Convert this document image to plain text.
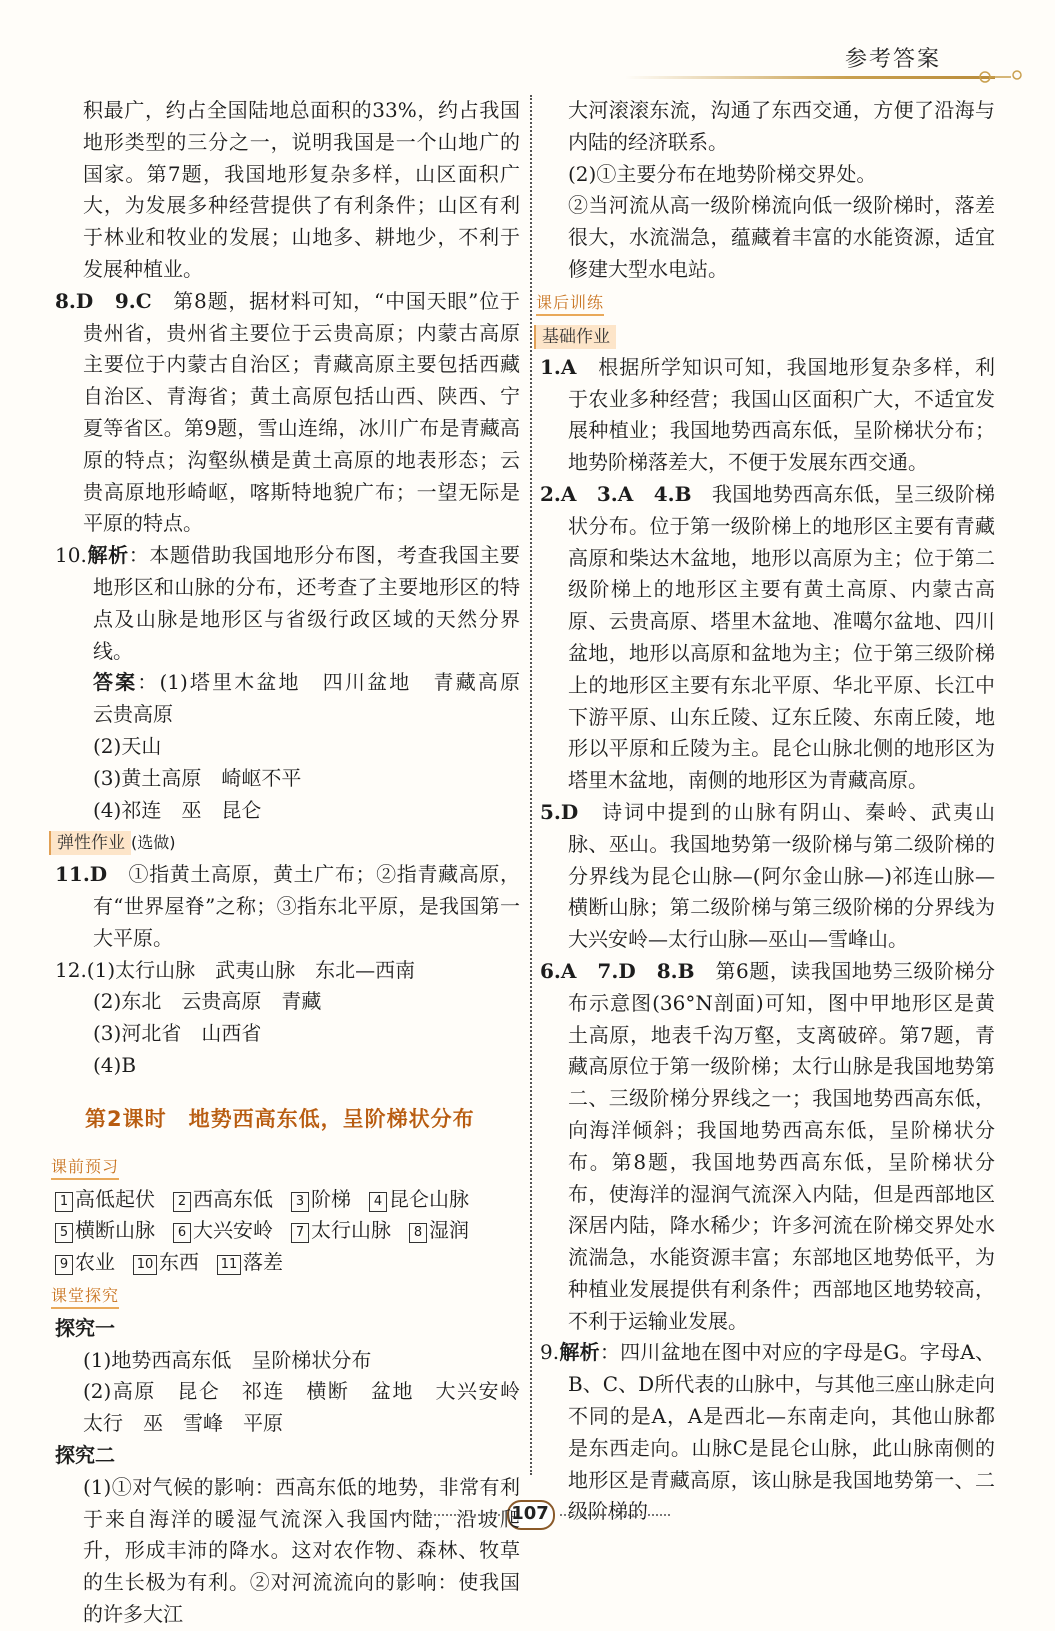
参考答案

积最广，约占全国陆地总面积的33%，约占我国地形类型的三分之一，说明我国是一个山地广的国家。第7题，我国地形复杂多样，山区面积广大，为发展多种经营提供了有利条件；山区有利于林业和牧业的发展；山地多、耕地少，不利于发展种植业。

8.D　 9.C　 第8题，据材料可知，“中国天眼”位于贵州省，贵州省主要位于云贵高原；内蒙古高原主要位于内蒙古自治区；青藏高原主要包括西藏自治区、青海省；黄土高原包括山西、陕西、宁夏等省区。第9题，雪山连绵，冰川广布是青藏高原的特点；沟壑纵横是黄土高原的地表形态；云贵高原地形崎岖，喀斯特地貌广布；一望无际是平原的特点。

10.解析：本题借助我国地形分布图，考查我国主要地形区和山脉的分布，还考查了主要地形区的特点及山脉是地形区与省级行政区域的天然分界线。

答案：(1)塔里木盆地　四川盆地　青藏高原　云贵高原

(2)天山

(3)黄土高原　崎岖不平

(4)祁连　巫　昆仑

弹性作业 (选做)

11.D　 ①指黄土高原，黄土广布；②指青藏高原，有“世界屋脊”之称；③指东北平原，是我国第一大平原。

12.(1)太行山脉　武夷山脉　东北—西南

(2)东北　云贵高原　青藏

(3)河北省　山西省

(4)B

第2课时　地势西高东低，呈阶梯状分布

课前预习

1 高低起伏 2 西高东低 3 阶梯 4 昆仑山脉

5 横断山脉 6 大兴安岭 7 太行山脉 8 湿润

9 农业 10 东西 11 落差

课堂探究

探究一

(1)地势西高东低　呈阶梯状分布

(2)高原　昆仑　祁连　横断　盆地　大兴安岭　太行　巫　雪峰　平原

探究二

(1)①对气候的影响：西高东低的地势，非常有利于来自海洋的暖湿气流深入我国内陆，沿坡爬升，形成丰沛的降水。这对农作物、森林、牧草的生长极为有利。②对河流流向的影响：使我国的许多大江

大河滚滚东流，沟通了东西交通，方便了沿海与内陆的经济联系。

(2)①主要分布在地势阶梯交界处。

②当河流从高一级阶梯流向低一级阶梯时，落差很大，水流湍急，蕴藏着丰富的水能资源，适宜修建大型水电站。

课后训练

基础作业

1.A　 根据所学知识可知，我国地形复杂多样，利于农业多种经营；我国山区面积广大，不适宜发展种植业；我国地势西高东低，呈阶梯状分布；地势阶梯落差大，不便于发展东西交通。

2.A　3.A　4.B　 我国地势西高东低，呈三级阶梯状分布。位于第一级阶梯上的地形区主要有青藏高原和柴达木盆地，地形以高原为主；位于第二级阶梯上的地形区主要有黄土高原、内蒙古高原、云贵高原、塔里木盆地、准噶尔盆地、四川盆地，地形以高原和盆地为主；位于第三级阶梯上的地形区主要有东北平原、华北平原、长江中下游平原、山东丘陵、辽东丘陵、东南丘陵，地形以平原和丘陵为主。昆仑山脉北侧的地形区为塔里木盆地，南侧的地形区为青藏高原。

5.D　 诗词中提到的山脉有阴山、秦岭、武夷山脉、巫山。我国地势第一级阶梯与第二级阶梯的分界线为昆仑山脉—(阿尔金山脉—)祁连山脉—横断山脉；第二级阶梯与第三级阶梯的分界线为大兴安岭—太行山脉—巫山—雪峰山。

6.A　7.D　8.B　 第6题，读我国地势三级阶梯分布示意图(36°N剖面)可知，图中甲地形区是黄土高原，地表千沟万壑，支离破碎。第7题，青藏高原位于第一级阶梯；太行山脉是我国地势第二、三级阶梯分界线之一；我国地势西高东低，向海洋倾斜；我国地势西高东低，呈阶梯状分布。第8题，我国地势西高东低，呈阶梯状分布，使海洋的湿润气流深入内陆，但是西部地区深居内陆，降水稀少；许多河流在阶梯交界处水流湍急，水能资源丰富；东部地区地势低平，为种植业发展提供有利条件；西部地区地势较高，不利于运输业发展。

9.解析：四川盆地在图中对应的字母是G。字母A、B、C、D所代表的山脉中，与其他三座山脉走向不同的是A，A是西北—东南走向，其他山脉都是东西走向。山脉C是昆仑山脉，此山脉南侧的地形区是青藏高原，该山脉是我国地势第一、二级阶梯的

107
